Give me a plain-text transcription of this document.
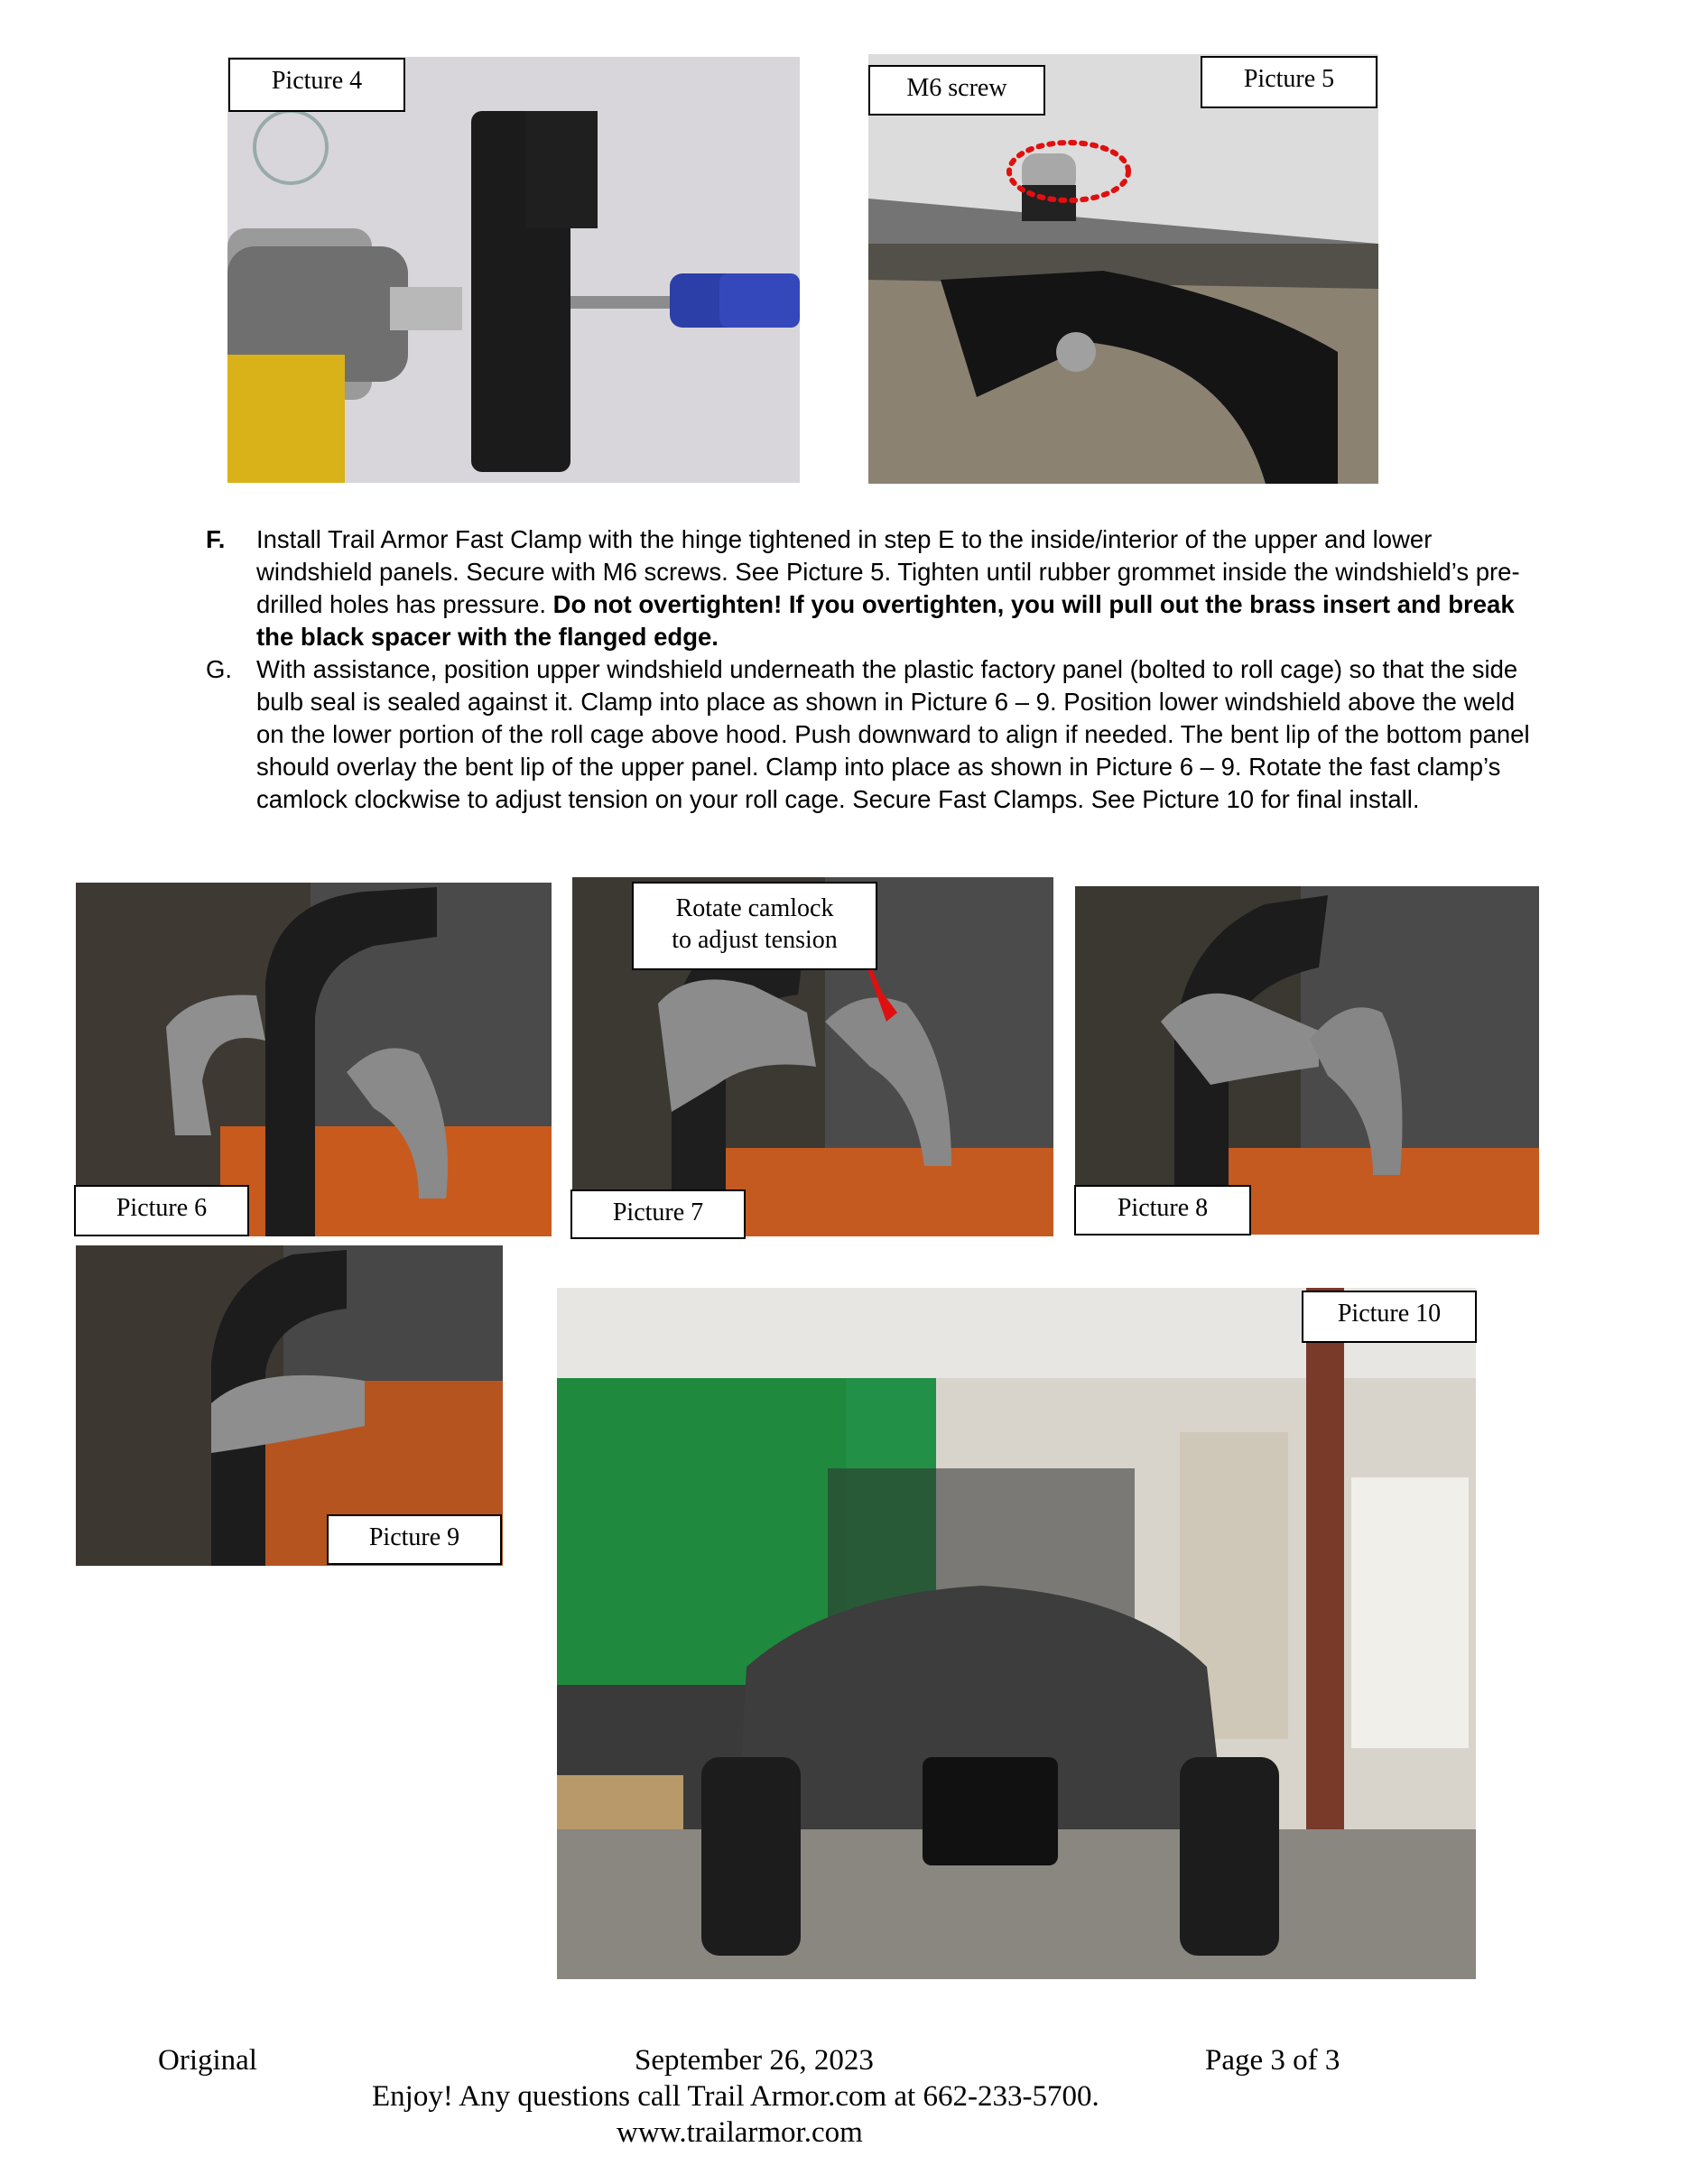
Picture 4	Picture 5
M6 screw
F.	Install Trail Armor Fast Clamp with the hinge tightened in step E to the inside/interior of the upper and lower windshield panels. Secure with M6 screws. See Picture 5. Tighten until rubber grommet inside the windshield’s pre-drilled holes has pressure. Do not overtighten! If you overtighten, you will pull out the brass insert and break the black spacer with the flanged edge.
G. With assistance, position upper windshield underneath the plastic factory panel (bolted to roll cage) so that the side bulb seal is sealed against it. Clamp into place as shown in Picture 6 – 9. Position lower windshield above the weld on the lower portion of the roll cage above hood. Push downward to align if needed. The bent lip of the bottom panel should overlay the bent lip of the upper panel. Clamp into place as shown in Picture 6 – 9. Rotate the fast clamp’s camlock clockwise to adjust tension on your roll cage. Secure Fast Clamps. See Picture 10 for final install.
Picture 6
Rotate camlock
to adjust tension
Picture 7	Picture 8
Picture 9
Picture 10
Original	September 26, 2023	Page 3 of 3
Enjoy! Any questions call Trail Armor.com at 662-233-5700.
www.trailarmor.com
